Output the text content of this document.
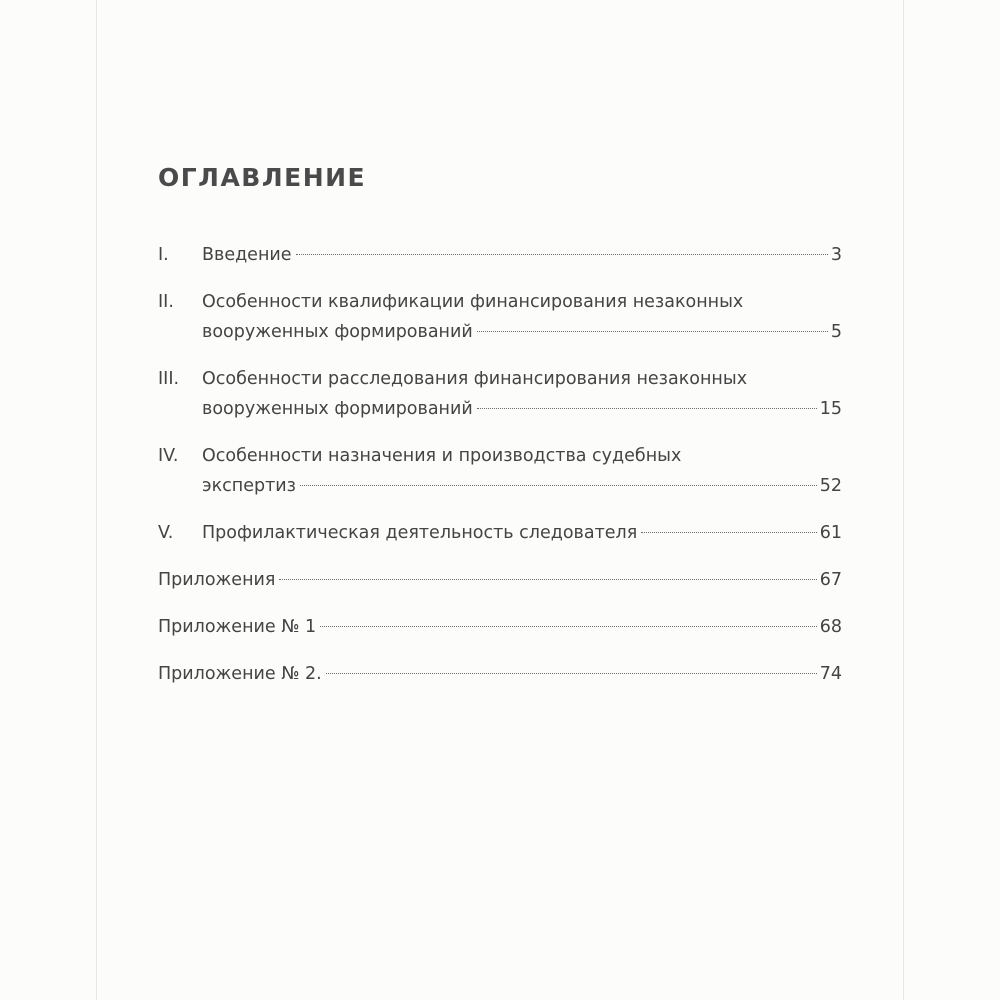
ОГЛАВЛЕНИЕ
I.	Введение	3
II.	Особенности квалификации финансирования незаконных
вооруженных формирований	5
III.	Особенности расследования финансирования незаконных
вооруженных формирований	15
IV.	Особенности назначения и производства судебных
экспертиз	52
V.	Профилактическая деятельность следователя	61
Приложения	67
Приложение № 1	68
Приложение № 2.	74
